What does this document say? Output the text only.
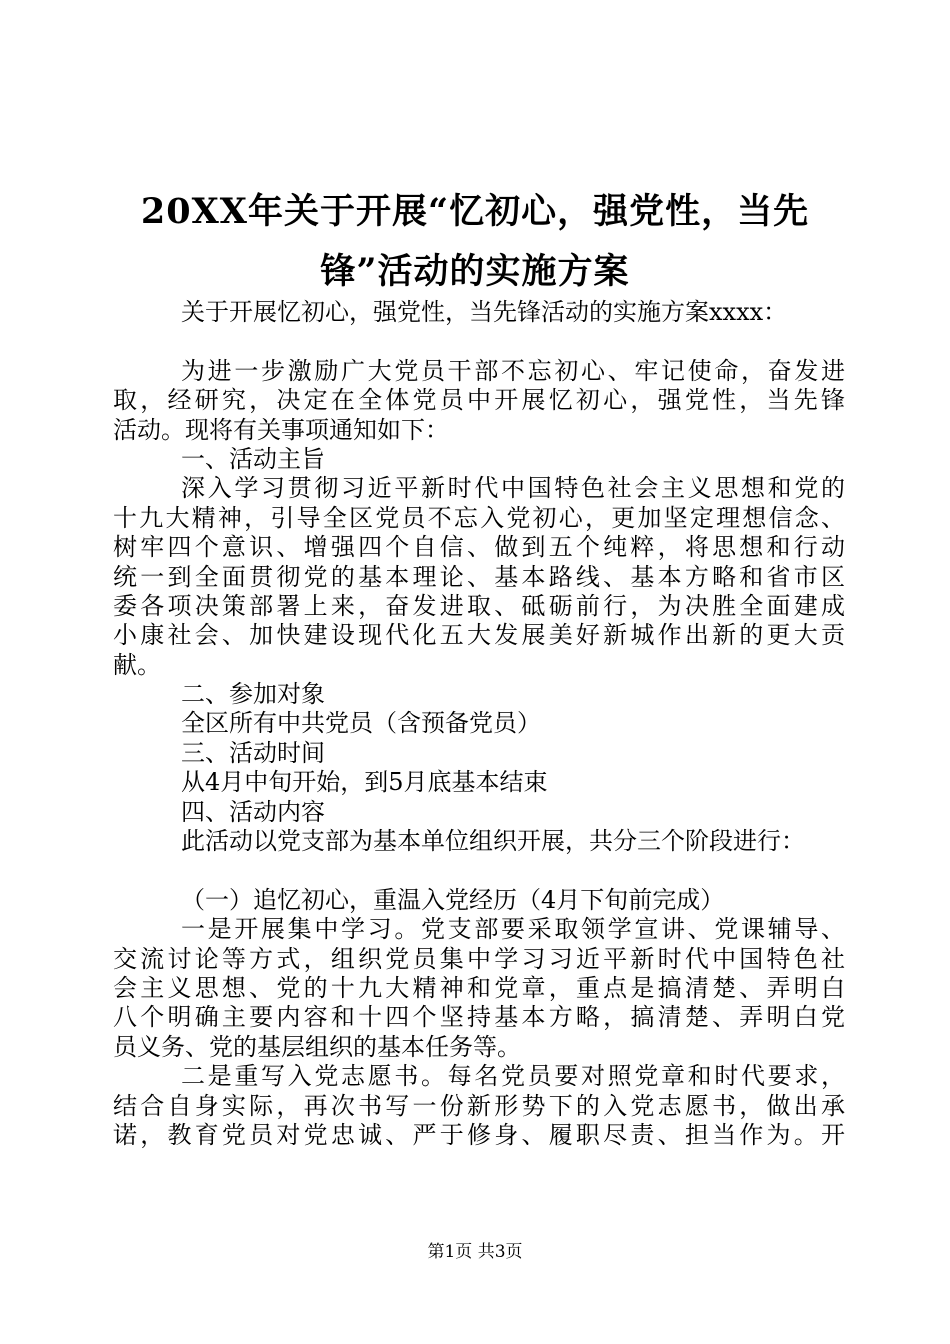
20XX年关于开展“忆初心，强党性，当先
锋”活动的实施方案
关于开展忆初心，强党性，当先锋活动的实施方案xxxx：
为进一步激励广大党员干部不忘初心、牢记使命，奋发进
取，经研究，决定在全体党员中开展忆初心，强党性，当先锋
活动。现将有关事项通知如下：
一、活动主旨
深入学习贯彻习近平新时代中国特色社会主义思想和党的
十九大精神，引导全区党员不忘入党初心，更加坚定理想信念、
树牢四个意识、增强四个自信、做到五个纯粹，将思想和行动
统一到全面贯彻党的基本理论、基本路线、基本方略和省市区
委各项决策部署上来，奋发进取、砥砺前行，为决胜全面建成
小康社会、加快建设现代化五大发展美好新城作出新的更大贡
献。
二、参加对象
全区所有中共党员（含预备党员）
三、活动时间
从4月中旬开始，到5月底基本结束
四、活动内容
此活动以党支部为基本单位组织开展，共分三个阶段进行：
（一）追忆初心，重温入党经历（4月下旬前完成）
一是开展集中学习。党支部要采取领学宣讲、党课辅导、
交流讨论等方式，组织党员集中学习习近平新时代中国特色社
会主义思想、党的十九大精神和党章，重点是搞清楚、弄明白
八个明确主要内容和十四个坚持基本方略，搞清楚、弄明白党
员义务、党的基层组织的基本任务等。
二是重写入党志愿书。每名党员要对照党章和时代要求，
结合自身实际，再次书写一份新形势下的入党志愿书，做出承
诺，教育党员对党忠诚、严于修身、履职尽责、担当作为。开
第1页 共3页
